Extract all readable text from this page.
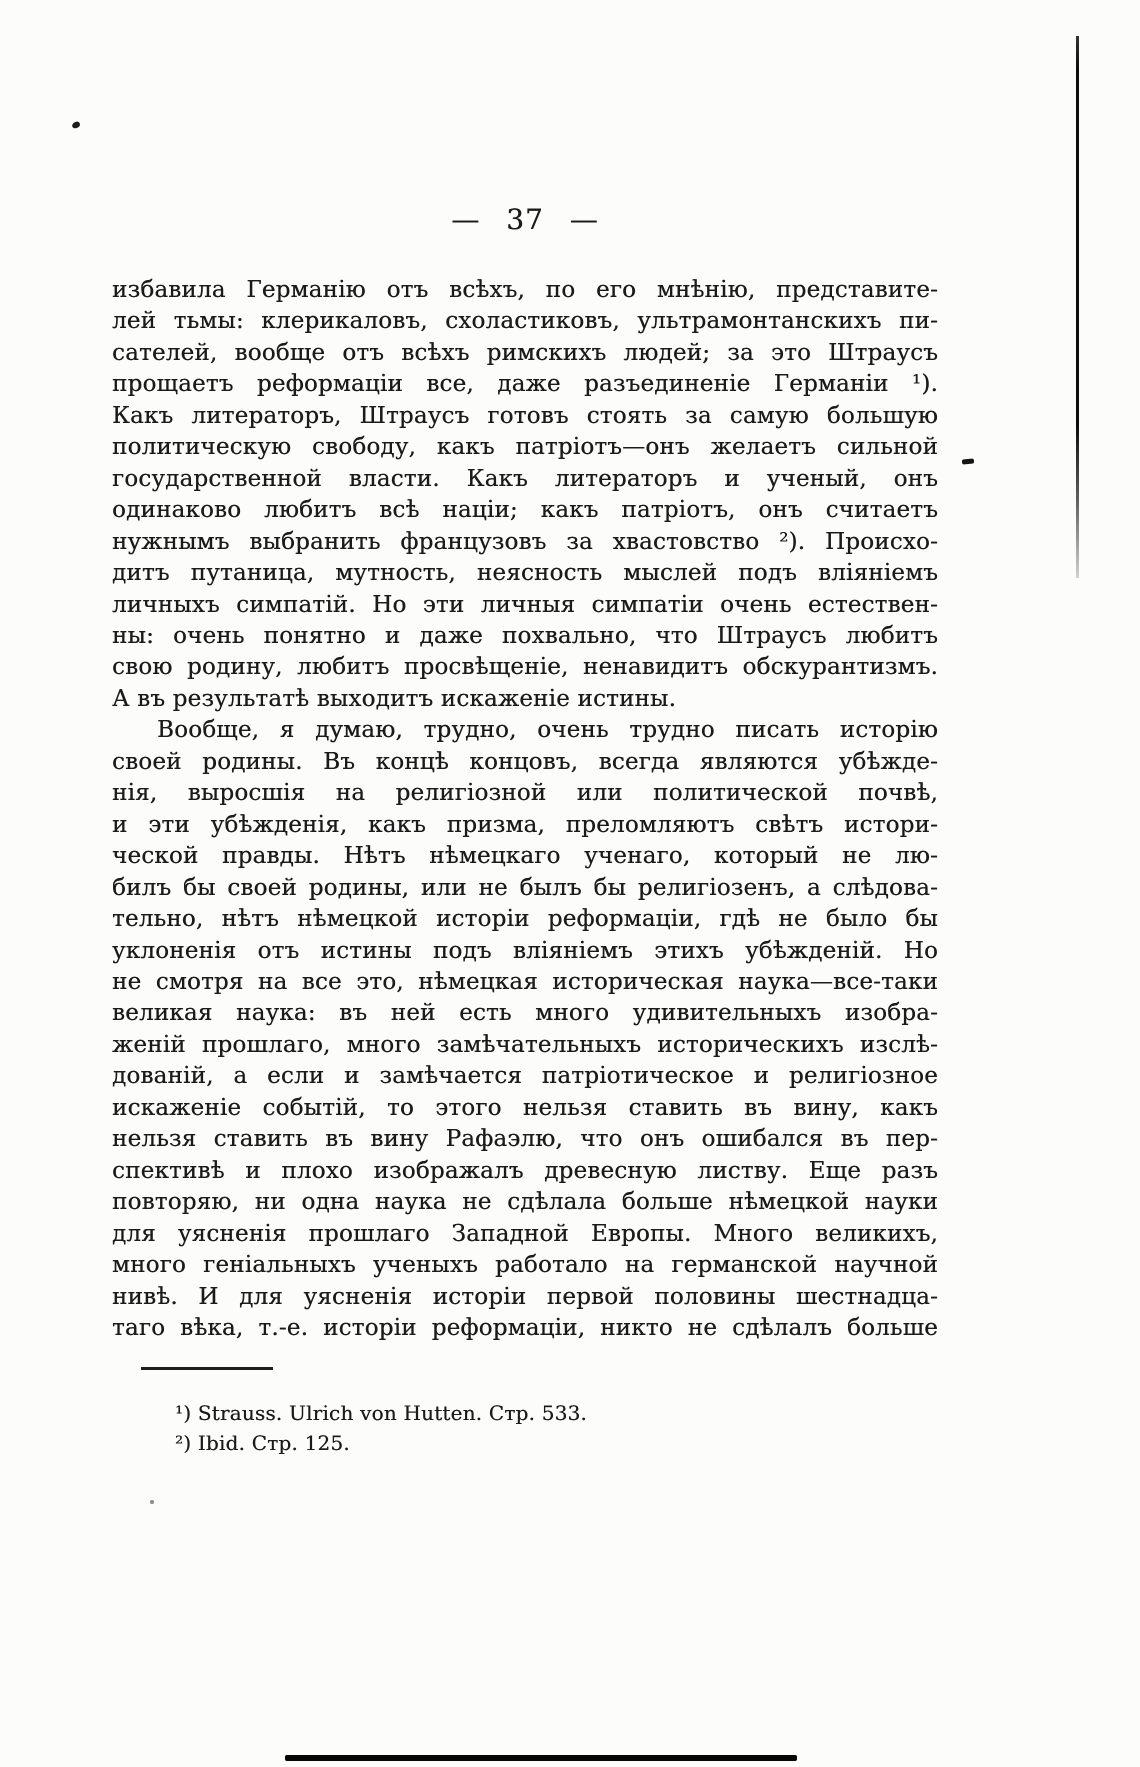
— 37 —
избавила Германію отъ всѣхъ, по его мнѣнію, представите-
лей тьмы: клерикаловъ, схоластиковъ, ультрамонтанскихъ пи-
сателей, вообще отъ всѣхъ римскихъ людей; за это Штраусъ
прощаетъ реформаціи все, даже разъединеніе Германіи ¹).
Какъ литераторъ, Штраусъ готовъ стоять за самую большую
политическую свободу, какъ патріотъ—онъ желаетъ сильной
государственной власти. Какъ литераторъ и ученый, онъ
одинаково любитъ всѣ націи; какъ патріотъ, онъ считаетъ
нужнымъ выбранить французовъ за хвастовство ²). Происхо-
дитъ путаница, мутность, неясность мыслей подъ вліяніемъ
личныхъ симпатій. Но эти личныя симпатіи очень естествен-
ны: очень понятно и даже похвально, что Штраусъ любитъ
свою родину, любитъ просвѣщеніе, ненавидитъ обскурантизмъ.
А въ результатѣ выходитъ искаженіе истины.
Вообще, я думаю, трудно, очень трудно писать исторію
своей родины. Въ концѣ концовъ, всегда являются убѣжде-
нія, выросшія на религіозной или политической почвѣ,
и эти убѣжденія, какъ призма, преломляютъ свѣтъ истори-
ческой правды. Нѣтъ нѣмецкаго ученаго, который не лю-
билъ бы своей родины, или не былъ бы религіозенъ, а слѣдова-
тельно, нѣтъ нѣмецкой исторіи реформаціи, гдѣ не было бы
уклоненія отъ истины подъ вліяніемъ этихъ убѣжденій. Но
не смотря на все это, нѣмецкая историческая наука—все-таки
великая наука: въ ней есть много удивительныхъ изобра-
женій прошлаго, много замѣчательныхъ историческихъ изслѣ-
дованій, а если и замѣчается патріотическое и религіозное
искаженіе событій, то этого нельзя ставить въ вину, какъ
нельзя ставить въ вину Рафаэлю, что онъ ошибался въ пер-
спективѣ и плохо изображалъ древесную листву. Еще разъ
повторяю, ни одна наука не сдѣлала больше нѣмецкой науки
для уясненія прошлаго Западной Европы. Много великихъ,
много геніальныхъ ученыхъ работало на германской научной
нивѣ. И для уясненія исторіи первой половины шестнадца-
таго вѣка, т.-е. исторіи реформаціи, никто не сдѣлалъ больше
¹) Strauss. Ulrich von Hutten. Стр. 533.
²) Ibid. Стр. 125.
